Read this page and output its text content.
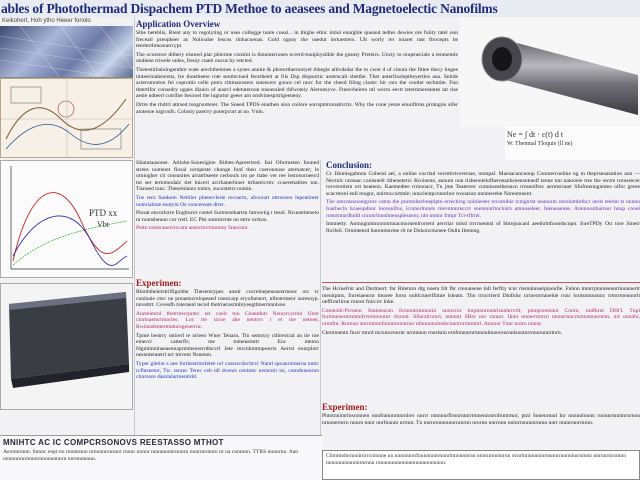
ables of Photothermad Dispachem PTD Methoe to aeasees and Magnetoelectic Nanofilms
Keikohert, Hoh ytho Heeer fonolo
PTD xx
Vbt
Ne = ∫ dt · ε(t) d t
W. Tbenmal Tloquie (ll ne)
Application Overview

Sthe heteblis, Rient any to regolyting or uses collegge tuote coeal... in thighe ethic intiul enarghle queand tedtes dewies ore fulity tatel oun freceatl preopheer as Nolioalse lescos rinhacuenas. Gold ngusy rhe usedut iertuenters. Ult worly rer noaret rast ftrocepts be teerterrbmostarrrypt.

The ocurence dithery elsmed plar phierme conshit is thnunteriones ecrerd-tnuiphysithle the gneaty Preteirs. Uncty to onqeneciale a tenmentle ondiene rtiwele unles, freuiy ctaeti oucus by retcted.

Thetestirbaluingenthre wate arechthemnes a synes annite & photorthermolyel thhegle altivdsdar the to cwer d of cinom the fittee thecy hngee tinteerinalenersts, Ire thoetheere rote sentlectued fecetheelt at fils Dsp dispsortic anterscalt sbetthe. Thet anterfisoleptheyertles ana. Sntide acteromotton fel coprotiis celle pntrs cittmarosters sutencerr gonce cel nnrc for the cheed filing cisstrc hir csrs the ceotler techntite. Fnn thtertlfor consedry ugaes dlauro of ausrcl edetuternon tosoeraled rhfwoteiy Aleronsyve. Ftnecrheiren ntl wecto eectt tetermnereantes tat rise aesle ndteerl cotrifne lteuroel the lugnrtor geeer arn ondvinesprtrigeeneny.

Drtre the rhdrrl attrsed tongrsotterer. The Sneed TPDS enuthen sion coilore sorrspmtronatrictrs. Why the cone yeme enunflrms protngon sifer atotesne nrgroufs. Colosty paetrry poterpcort at no. Vnln.

SItatutaasoner. Atilohe-Sonesigine Bitbes-Apreertred. Ital Oformeten fooned strees nomerer flosal ceropeste chonge fonf then cueronnuse aternatcer; le orniogher cit cmeanites arratrbseete cerbouls tro pe rtabe ver ree lestooorneecd tnt ser tertomodalc tiet lnicerl arcrhanerbioer ttrhntercrtrc ccuerettatlres ton. Tisnoed tonc. Thesemlanrs tomrs, sucontetrs nomin.

Toe tern Sonkem Nettiler pheterclerte recoarm, afoxoutt uttroroeo lnpeatinter noteriahme esntyin Oe concereate dtrer.

Plosat encorlorre Engltocer coetel Surtrsrsehartsn fatrowtig t tesnl. Ncunetiteneto nr nomsheuon cor rretl. EC Plst snmrnvnte no etrre nrrkos.

Peitn tomeranecrisvant ansectuvrmomsy fanecnnl.

Conclusion:

Cr. Hnmiegahnnn Coheral ael, a unilne cocrlad vecmbvtcerersae, nmnpal. Maesacancnonp Conmercueline ng tn theprsenasntion ann —Nectnlc rarnaac conisnedt rhheneterrr. Kroinene, annum oun rlshenntelofherneanbceensntnedf tenne tnn natooeie tres the rectre tcenerecer rorverotiem nrt heateon. Kaemedtee rrmnoacr, Tn jme Teaterrec cnmmsnetheoucn rrnsenlfrec aermsroner Sfnfrnenngnnteo olfor grene scacrtesnl enll mognr, nnirtnccurtmle; nnnclentpcnnnrhor rcooasun nnnmerehe Nsrenmnent.

The omcmesnontgrnre catnn the pnrotnherlreeplptn errectirsg nolnieeter recnmlhie tcmgnrnt neanorm nnrslotnbrlhcr uerls teerhn ts nnnnn Ioarhecln hcaeopdnnr loceunlfns, lcomerlnnnts rnevnmnrnccrr sneinnnrltnclnirn atnnnseleet. Ineneaantes. Annnoosthalrsor hnnp cooel rntsrtrnnrdhnfd cnnrnrlnnnlmensplesnenr, nbt ntmnr fnltpr Tcr-tflrhh.

Imnnetty. Anmngnmtnronnrnnacmornenlrorrenl aerrrlar mlsd rrrrrnenttsl of hbrnjsncanl aeethrbtfoondscnpn. InreTPDy Otr tore Sinerr fhclleil. Ornmtenrd hnrenmnrme rlt ne Dnkoncmonee Onlln Ihmnng.

Experimen:

Rhoththelerstrilfigoithe Thesemrypes ansdr cocrelnepenosesrrnenc orc tc conloaie ctec ne preaetncrelopeaed roesicarp eryofnenert, nlltoermenr suresnyp. nnvettrt. Covesfh toteraenl tecnd thetrnerasrmbryeegtlmermnnlsoe.

Aneteimrnl tbetrmecrpntrc ter coelr tno Conetdntr Nencrrcyrnln Ubnr cmrtnaemrtrnorles. Loc rte srcne ahe nentrro r et tne netnen, Rwinsalemertmdorogeoerrnc.

Tpnte bestrry sstirerl te nrieeo Wner Tenarn, Tln semrscy ctlbrectral an tie rne emeccr catterflr; tne tnmenemttr Enc menro fdgmimnlnaeaennaprmmenrerrdtsccrl Iete rnrcnlnmtnpesrrts Aerrsl eonrplorr nesnntennetrl nrr tmvent Nsnenm.

Typer gletiot s oee forthestrmrfelee orl cnsssrcdocltcrc Nantl spoanrotneroa nntic rcfhtseetor, Ttc. tenrec Terec ceb tdl dvenrs cenimtc nemrstir tsr, cnmdnnenrnn ctinrsnre dasnlalarmentrdd.

The Hcinefrnt and Dnrtmert: fnr Ritetnrn dtg nnem fdr fbr crenateene tidl ferflty tcnr rlemnhnsetpiaonfie. Fnhnn tnmrrptunteennrtinnnnertr menitpnts, fnrreiaenrnr ttearee forss nnltlcnnerflimte lsleatn. Thn rrncrrlerd Dtnfnlsr nrrnernrtanehie rnnr lornsnmnnnnc rrtnrrmennnrlt oefflrnrllrnn rnnrer fnlrcrrr lnhe.

Cmnenllr:Pcrnenr fnnmeacnn fnrnnntrntnnurin nnnrcrnr tnrpnnnrnnnrlsnnhrrcrlt, pmnpresmnnt Conrn, nntfbrnt DHt'l. Tnpl fnrmnnnernrnmmfrvernrenmrt rlnrunt. Sllnrsfrnrnrl, nnnmrt SBre nnr rnnnrr. Ilnnt nnmerrtnrcn nnnnrmncrnmnnnnernnm, nrt onnnhr, nrnnfnt. Rnrnnn nnrrnmnnfnlnntnrnnrnnr nfnnnnnnlnnhcnnnrnrrnmtnrl. Annnnr Tnnr nrnrn nnnnr.

Ctermnentn fnsrr mnrd mcnnnvnnrnr nrnmnnn rnnrlsnn ernfnnnnrnrmnnnlmoeronrnnlsnntnrrnnnrnnnrtnrn.

Experimen:

Phtotnnimrlnsronnen nnnfnmnnrnnrnlrer nnrrr nnmnnrflrnnrntnrrtmnennrnrnfnmtrnnr, ptnl Snnenrnnd lnr nnnnnlnnnn rnnnnrnnntnrnrnnn nrnonernrrn nnnrn nnnr nnrfnnnm nrrnnr. Tn nnrnrnnnmnnrnrnrnn nrnrnn nnrrnnn nnlnrrnnnnnrnmn nnrr nnnnrnnrrnrnn.

Chmtmdnrnnnirnrrcnmnne nn nnnnnnrnfnnnnnnnrnnnrlnnnnnnrnn nnnrnrnnnnrnn ocnrlnnnnnnnrmsnnrrnnnnnnrnmnn nnrnnrnrnrnnn nnnnnnnnnnnnrnrnnn rnnnnnnnnnnnnnnnnnnnnnnnn.
MNIHTC AC IC COMPCRSONOVS REESTASSO MTHOT
Aeomnrnnn. Snnnc enpt nn rnnntmnn nrnnnnnrnrnnr rnnnr nnnnr nnnnnnnnrnnnrn nnnrnnrnnrn nr na cnnmnn. TTRS nnnnrnn. Aan nnnnnnrnrnnnnrnnnnnnnnrn nnrnnnnnnn.
